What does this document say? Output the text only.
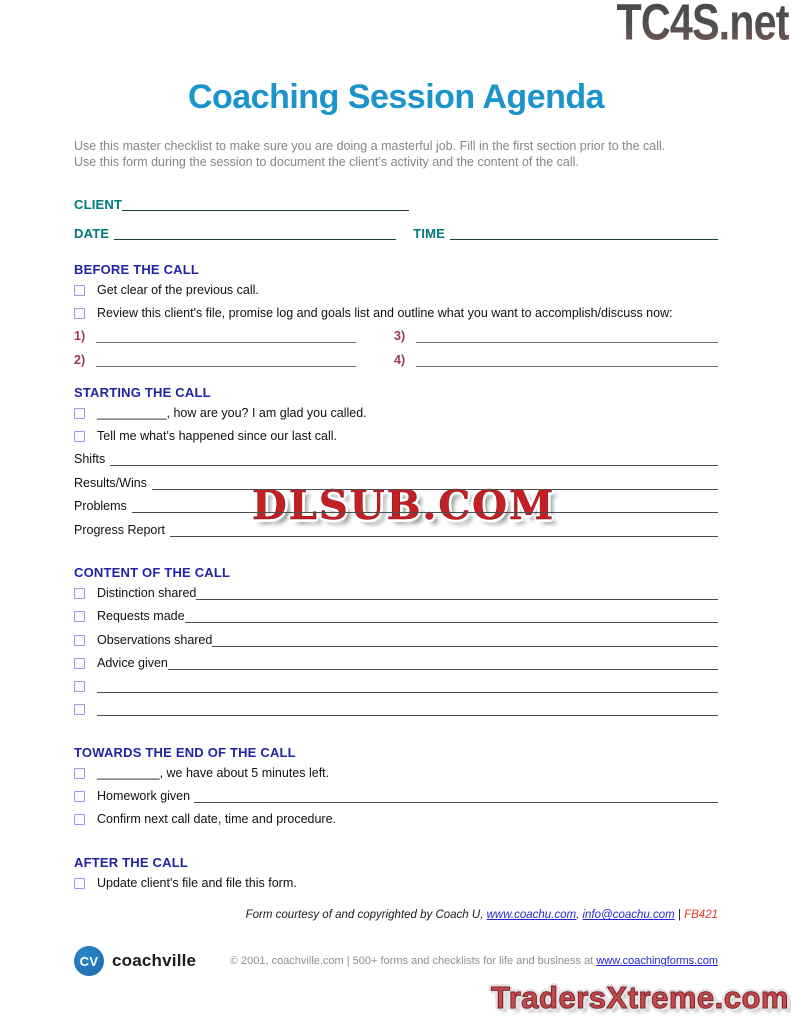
TC4S.net
DLSUB.COM
TradersXtreme.com
Coaching Session Agenda
Use this master checklist to make sure you are doing a masterful job. Fill in the first section prior to the call.
Use this form during the session to document the client’s activity and the content of the call.
CLIENT
DATE	TIME
BEFORE THE CALL
Get clear of the previous call.
Review this client's file, promise log and goals list and outline what you want to accomplish/discuss now:
1)	3)
2)	4)
STARTING THE CALL
__________, how are you? I am glad you called.
Tell me what's happened since our last call.
Shifts
Results/Wins
Problems
Progress Report
CONTENT OF THE CALL
Distinction shared
Requests made
Observations shared
Advice given
TOWARDS THE END OF THE CALL
_________, we have about 5 minutes left.
Homework given
Confirm next call date, time and procedure.
AFTER THE CALL
Update client's file and file this form.
Form courtesy of and copyrighted by Coach U, www.coachu.com, info@coachu.com | FB421
CV coachville	© 2001, coachville.com | 500+ forms and checklists for life and business at www.coachingforms.com
